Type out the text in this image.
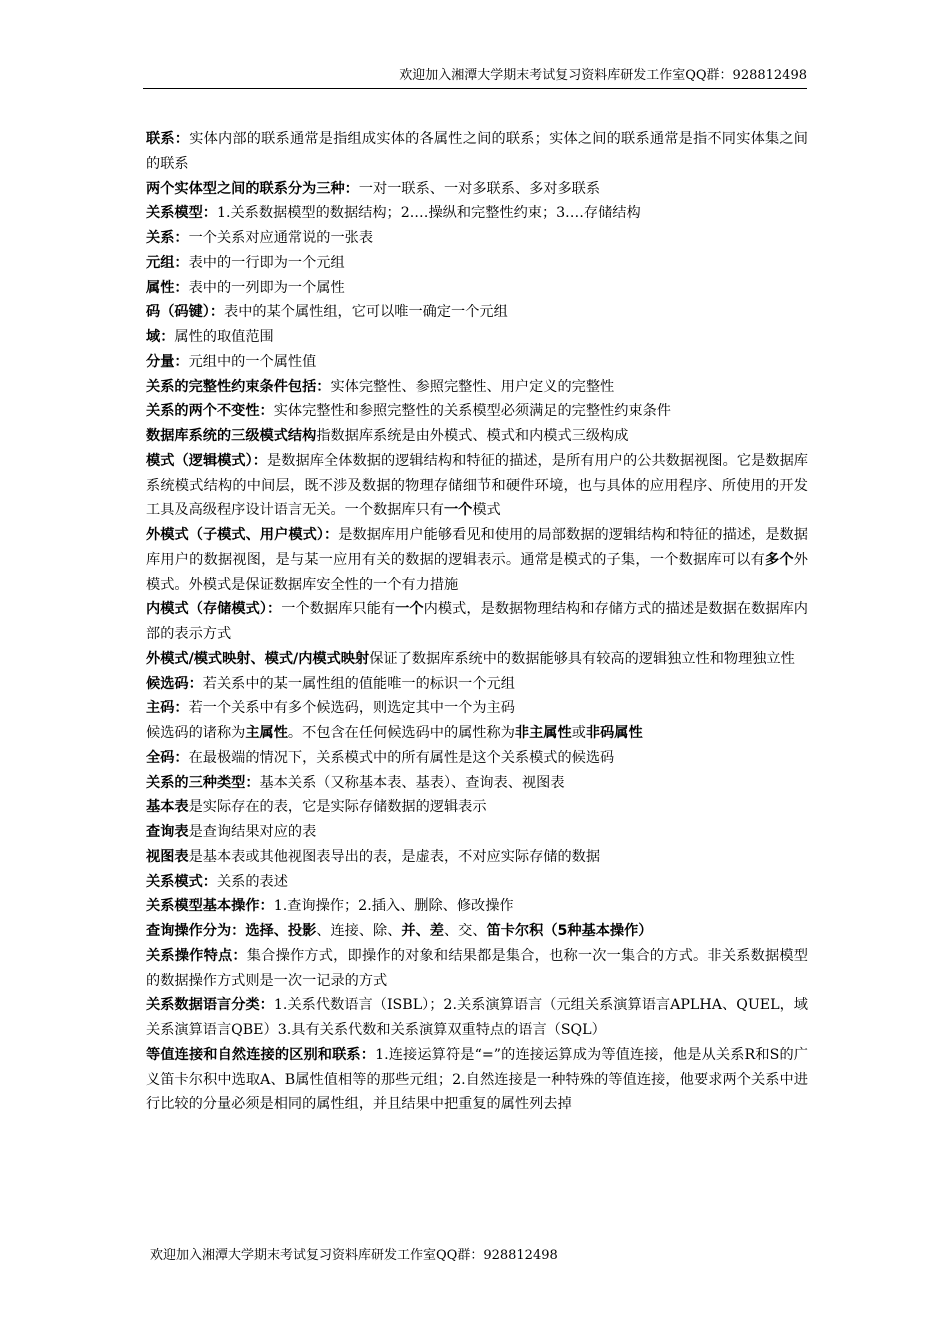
欢迎加入湘潭大学期末考试复习资料库研发工作室QQ群：928812498

联系：实体内部的联系通常是指组成实体的各属性之间的联系；实体之间的联系通常是指不同实体集之间的联系

两个实体型之间的联系分为三种：一对一联系、一对多联系、多对多联系

关系模型：1.关系数据模型的数据结构；2.…操纵和完整性约束；3.…存储结构

关系：一个关系对应通常说的一张表

元组：表中的一行即为一个元组

属性：表中的一列即为一个属性

码（码键）：表中的某个属性组，它可以唯一确定一个元组

域：属性的取值范围

分量：元组中的一个属性值

关系的完整性约束条件包括：实体完整性、参照完整性、用户定义的完整性

关系的两个不变性：实体完整性和参照完整性的关系模型必须满足的完整性约束条件

数据库系统的三级模式结构指数据库系统是由外模式、模式和内模式三级构成

模式（逻辑模式）：是数据库全体数据的逻辑结构和特征的描述，是所有用户的公共数据视图。它是数据库系统模式结构的中间层，既不涉及数据的物理存储细节和硬件环境，也与具体的应用程序、所使用的开发工具及高级程序设计语言无关。一个数据库只有一个模式

外模式（子模式、用户模式）：是数据库用户能够看见和使用的局部数据的逻辑结构和特征的描述，是数据库用户的数据视图，是与某一应用有关的数据的逻辑表示。通常是模式的子集，一个数据库可以有多个外模式。外模式是保证数据库安全性的一个有力措施

内模式（存储模式）：一个数据库只能有一个内模式，是数据物理结构和存储方式的描述是数据在数据库内部的表示方式

外模式/模式映射、模式/内模式映射保证了数据库系统中的数据能够具有较高的逻辑独立性和物理独立性

候选码：若关系中的某一属性组的值能唯一的标识一个元组

主码：若一个关系中有多个候选码，则选定其中一个为主码

候选码的诸称为主属性。不包含在任何候选码中的属性称为非主属性或非码属性

全码：在最极端的情况下，关系模式中的所有属性是这个关系模式的候选码

关系的三种类型：基本关系（又称基本表、基表）、查询表、视图表

基本表是实际存在的表，它是实际存储数据的逻辑表示

查询表是查询结果对应的表

视图表是基本表或其他视图表导出的表，是虚表，不对应实际存储的数据

关系模式：关系的表述

关系模型基本操作：1.查询操作；2.插入、删除、修改操作

查询操作分为：选择、投影、连接、除、并、差、交、笛卡尔积（5种基本操作）

关系操作特点：集合操作方式，即操作的对象和结果都是集合，也称一次一集合的方式。非关系数据模型的数据操作方式则是一次一记录的方式

关系数据语言分类：1.关系代数语言（ISBL）；2.关系演算语言（元组关系演算语言APLHA、QUEL，域关系演算语言QBE）3.具有关系代数和关系演算双重特点的语言（SQL）

等值连接和自然连接的区别和联系：1.连接运算符是“=”的连接运算成为等值连接，他是从关系R和S的广义笛卡尔积中选取A、B属性值相等的那些元组；2.自然连接是一种特殊的等值连接，他要求两个关系中进行比较的分量必须是相同的属性组，并且结果中把重复的属性列去掉

欢迎加入湘潭大学期末考试复习资料库研发工作室QQ群：928812498
